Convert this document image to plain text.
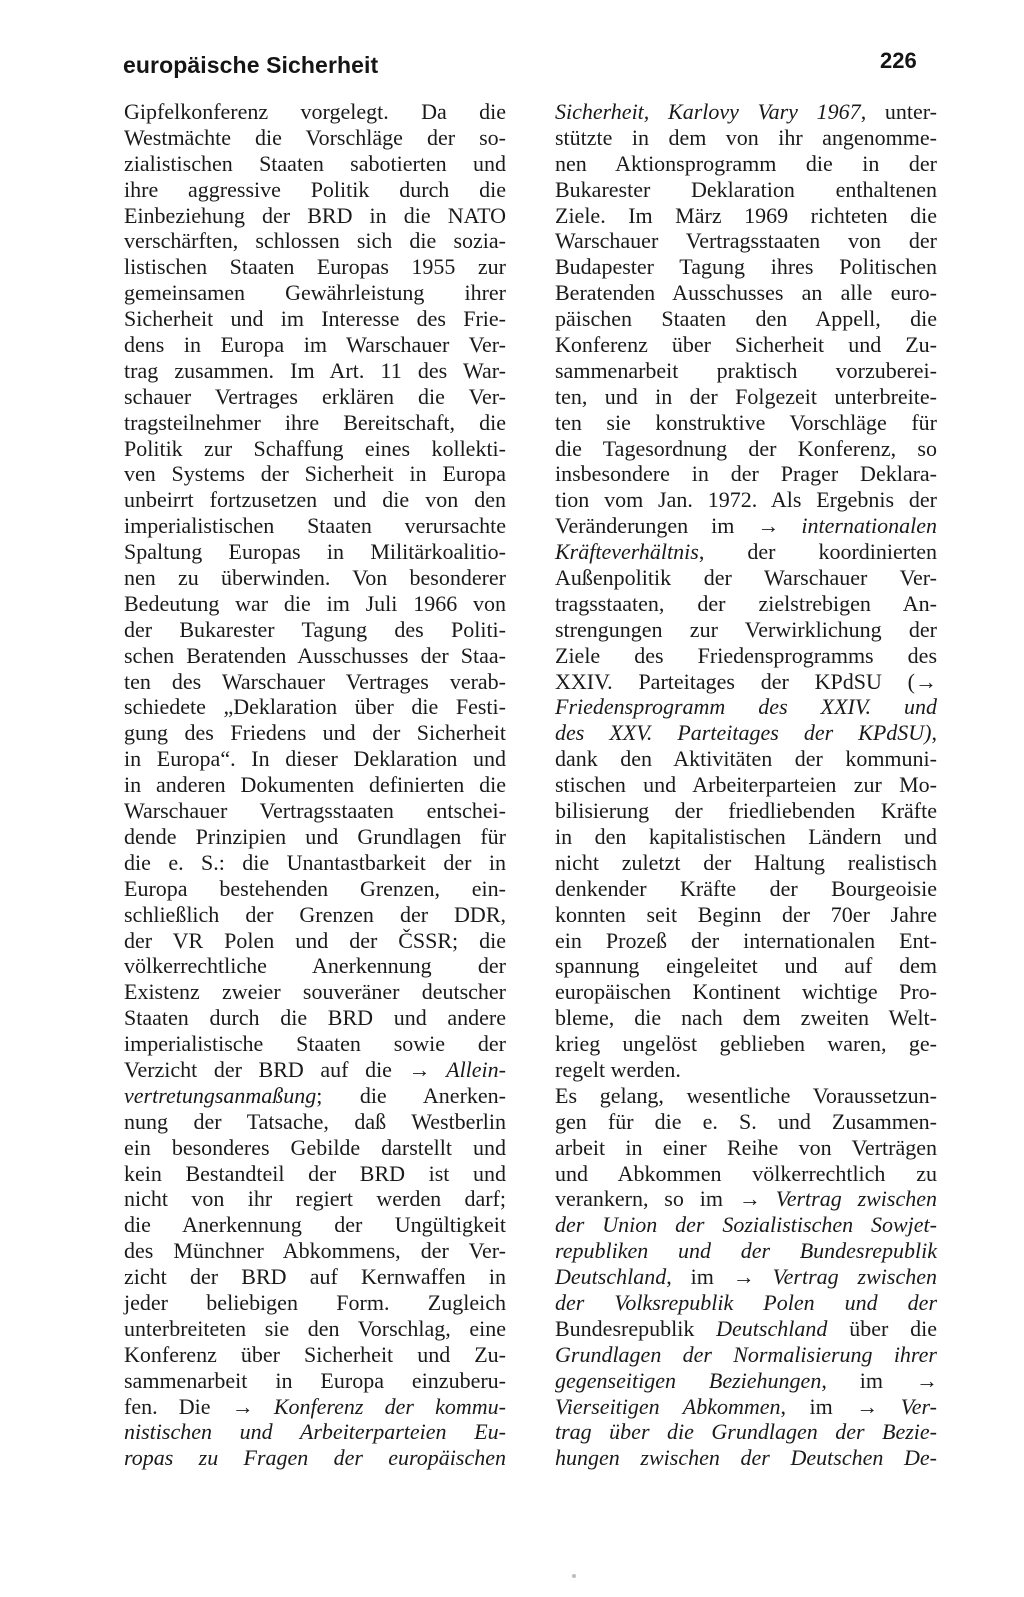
europäische Sicherheit	226
Gipfelkonferenz vorgelegt. Da die
Westmächte die Vorschläge der so-
zialistischen Staaten sabotierten und
ihre aggressive Politik durch die
Einbeziehung der BRD in die NATO
verschärften, schlossen sich die sozia-
listischen Staaten Europas 1955 zur
gemeinsamen Gewährleistung ihrer
Sicherheit und im Interesse des Frie-
dens in Europa im Warschauer Ver-
trag zusammen. Im Art. 11 des War-
schauer Vertrages erklären die Ver-
tragsteilnehmer ihre Bereitschaft, die
Politik zur Schaffung eines kollekti-
ven Systems der Sicherheit in Europa
unbeirrt fortzusetzen und die von den
imperialistischen Staaten verursachte
Spaltung Europas in Militärkoalitio-
nen zu überwinden. Von besonderer
Bedeutung war die im Juli 1966 von
der Bukarester Tagung des Politi-
schen Beratenden Ausschusses der Staa-
ten des Warschauer Vertrages verab-
schiedete „Deklaration über die Festi-
gung des Friedens und der Sicherheit
in Europa“. In dieser Deklaration und
in anderen Dokumenten definierten die
Warschauer Vertragsstaaten entschei-
dende Prinzipien und Grundlagen für
die e. S.: die Unantastbarkeit der in
Europa bestehenden Grenzen, ein-
schließlich der Grenzen der DDR,
der VR Polen und der ČSSR; die
völkerrechtliche Anerkennung der
Existenz zweier souveräner deutscher
Staaten durch die BRD und andere
imperialistische Staaten sowie der
Verzicht der BRD auf die → Allein-
vertretungsanmaßung; die Anerken-
nung der Tatsache, daß Westberlin
ein besonderes Gebilde darstellt und
kein Bestandteil der BRD ist und
nicht von ihr regiert werden darf;
die Anerkennung der Ungültigkeit
des Münchner Abkommens, der Ver-
zicht der BRD auf Kernwaffen in
jeder beliebigen Form. Zugleich
unterbreiteten sie den Vorschlag, eine
Konferenz über Sicherheit und Zu-
sammenarbeit in Europa einzuberu-
fen. Die → Konferenz der kommu-
nistischen und Arbeiterparteien Eu-
ropas zu Fragen der europäischen
Sicherheit, Karlovy Vary 1967, unter-
stützte in dem von ihr angenomme-
nen Aktionsprogramm die in der
Bukarester Deklaration enthaltenen
Ziele. Im März 1969 richteten die
Warschauer Vertragsstaaten von der
Budapester Tagung ihres Politischen
Beratenden Ausschusses an alle euro-
päischen Staaten den Appell, die
Konferenz über Sicherheit und Zu-
sammenarbeit praktisch vorzuberei-
ten, und in der Folgezeit unterbreite-
ten sie konstruktive Vorschläge für
die Tagesordnung der Konferenz, so
insbesondere in der Prager Deklara-
tion vom Jan. 1972. Als Ergebnis der
Veränderungen im → internationalen
Kräfteverhältnis, der koordinierten
Außenpolitik der Warschauer Ver-
tragsstaaten, der zielstrebigen An-
strengungen zur Verwirklichung der
Ziele des Friedensprogramms des
XXIV. Parteitages der KPdSU (→
Friedensprogramm des XXIV. und
des XXV. Parteitages der KPdSU),
dank den Aktivitäten der kommuni-
stischen und Arbeiterparteien zur Mo-
bilisierung der friedliebenden Kräfte
in den kapitalistischen Ländern und
nicht zuletzt der Haltung realistisch
denkender Kräfte der Bourgeoisie
konnten seit Beginn der 70er Jahre
ein Prozeß der internationalen Ent-
spannung eingeleitet und auf dem
europäischen Kontinent wichtige Pro-
bleme, die nach dem zweiten Welt-
krieg ungelöst geblieben waren, ge-
regelt werden.
Es gelang, wesentliche Voraussetzun-
gen für die e. S. und Zusammen-
arbeit in einer Reihe von Verträgen
und Abkommen völkerrechtlich zu
verankern, so im → Vertrag zwischen
der Union der Sozialistischen Sowjet-
republiken und der Bundesrepublik
Deutschland, im → Vertrag zwischen
der Volksrepublik Polen und der
Bundesrepublik Deutschland über die
Grundlagen der Normalisierung ihrer
gegenseitigen Beziehungen, im →
Vierseitigen Abkommen, im → Ver-
trag über die Grundlagen der Bezie-
hungen zwischen der Deutschen De-
